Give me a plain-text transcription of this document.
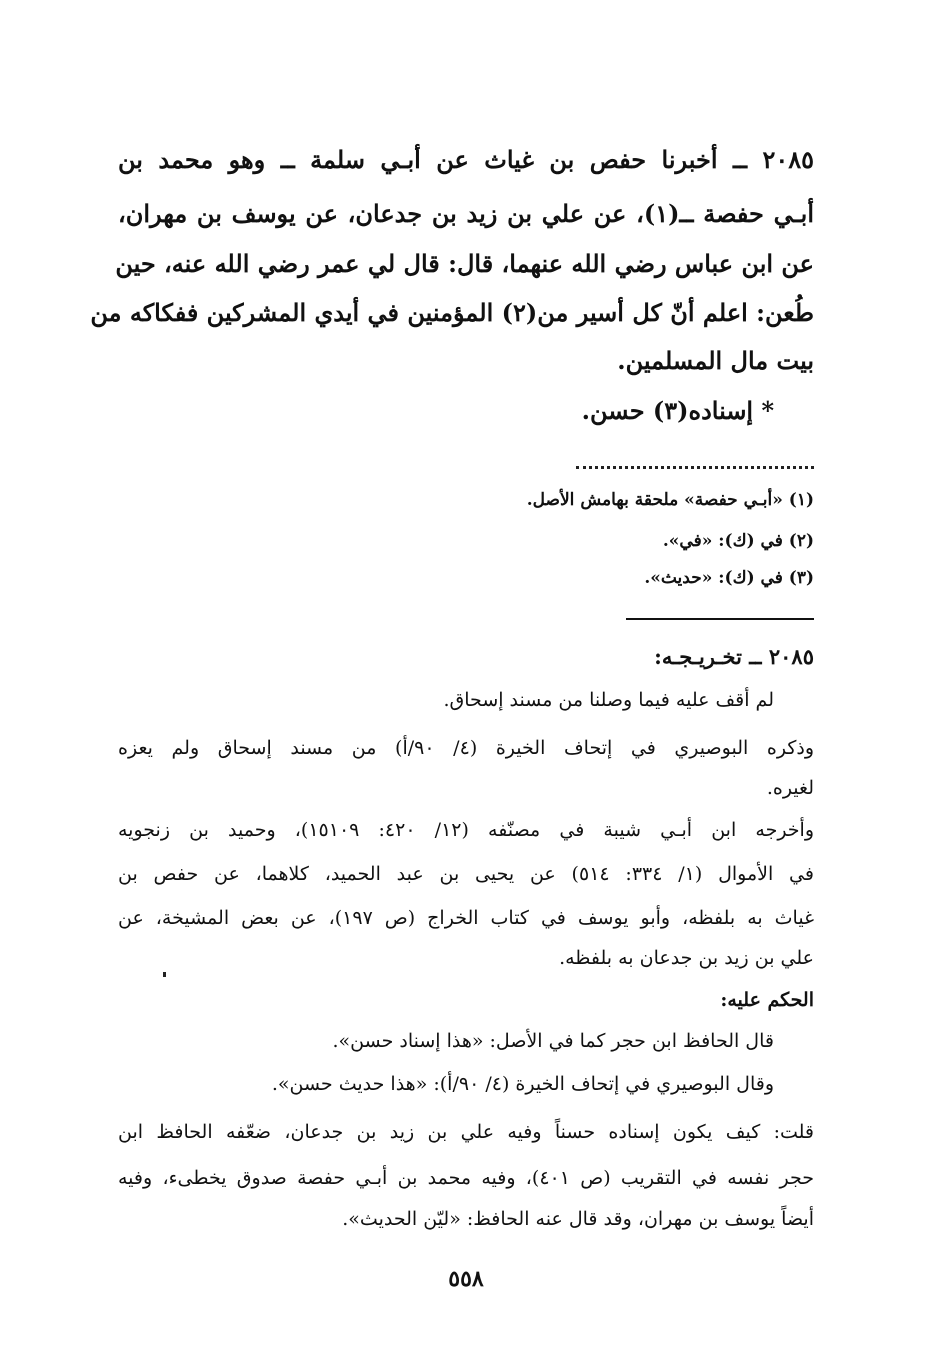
٢٠٨٥ ــ أخبرنا حفص بن غياث عن أبـي سلمة ــ وهو محمد بن
أبـي حفصة ــ(١)، عن علي بن زيد بن جدعان، عن يوسف بن مهران،
عن ابن عباس رضي الله عنهما، قال: قال لي عمر رضي الله عنه، حين
طُعن: اعلم أنّ كل أسير من(٢) المؤمنين في أيدي المشركين ففكاكه من
بيت مال المسلمين.
* إسناده(٣) حسن.
(١) «أبـي حفصة» ملحقة بهامش الأصل.
(٢) في (ك): «في».
(٣) في (ك): «حديث».
٢٠٨٥ ــ تخـريـجـه:
لم أقف عليه فيما وصلنا من مسند إسحاق.
وذكره البوصيري في إتحاف الخيرة (٤/ ٩٠/أ) من مسند إسحاق ولم يعزه
لغيره.
وأخرجه ابن أبـي شيبة في مصنّفه (١٢/ ٤٢٠: ١٥١٠٩)، وحميد بن زنجويه
في الأموال (١/ ٣٣٤: ٥١٤) عن يحيى بن عبد الحميد، كلاهما، عن حفص بن
غياث به بلفظه، وأبو يوسف في كتاب الخراج (ص ١٩٧)، عن بعض المشيخة، عن
علي بن زيد بن جدعان به بلفظه.
الحكم عليه:
قال الحافظ ابن حجر كما في الأصل: «هذا إسناد حسن».
وقال البوصيري في إتحاف الخيرة (٤/ ٩٠/أ): «هذا حديث حسن».
قلت: كيف يكون إسناده حسناً وفيه علي بن زيد بن جدعان، ضعّفه الحافظ ابن
حجر نفسه في التقريب (ص ٤٠١)، وفيه محمد بن أبـي حفصة صدوق يخطىء، وفيه
أيضاً يوسف بن مهران، وقد قال عنه الحافظ: «ليّن الحديث».
٥٥٨
